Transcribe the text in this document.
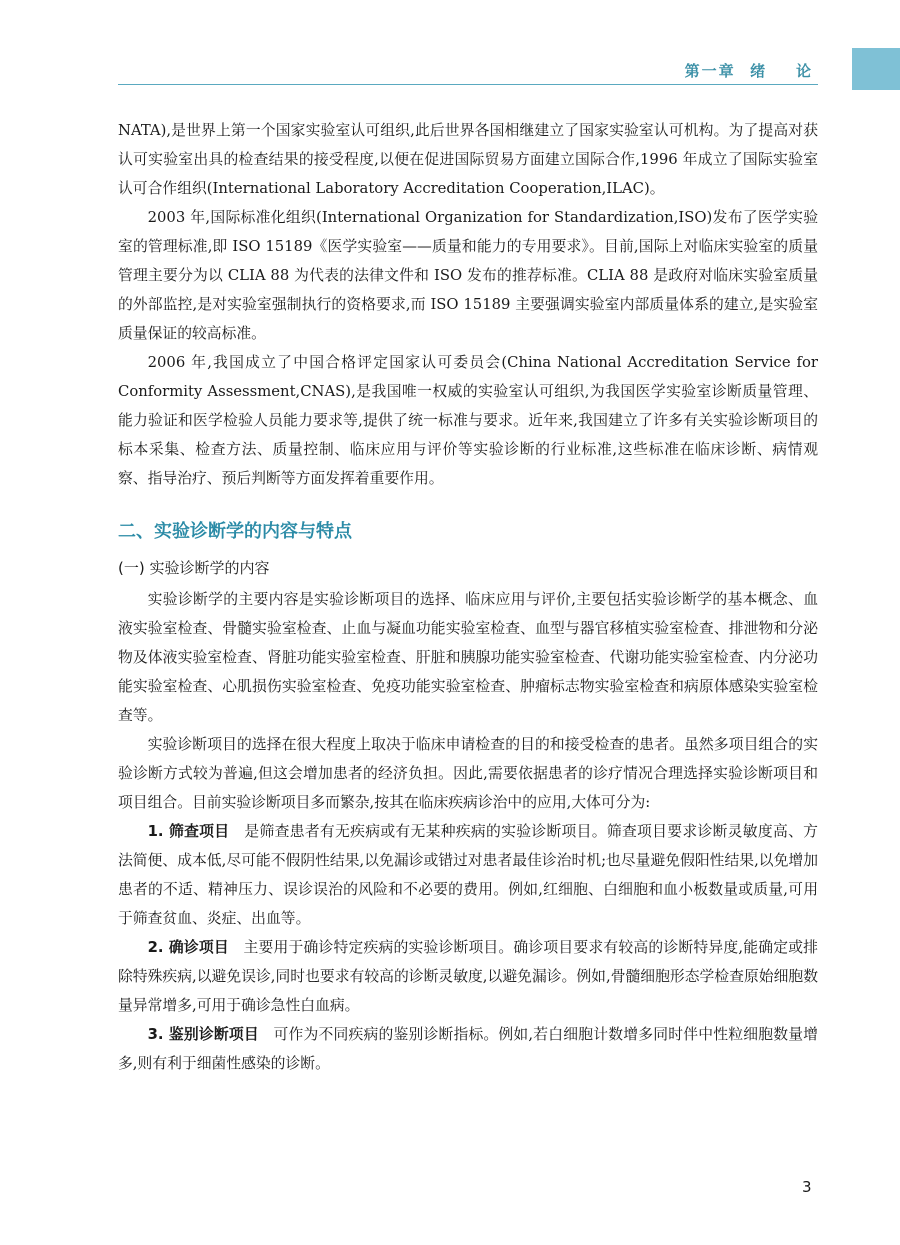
第一章  绪    论

NATA),是世界上第一个国家实验室认可组织,此后世界各国相继建立了国家实验室认可机构。为了提高对获认可实验室出具的检查结果的接受程度,以便在促进国际贸易方面建立国际合作,1996 年成立了国际实验室认可合作组织(International Laboratory Accreditation Cooperation,ILAC)。

2003 年,国际标准化组织(International Organization for Standardization,ISO)发布了医学实验室的管理标准,即 ISO 15189《医学实验室——质量和能力的专用要求》。目前,国际上对临床实验室的质量管理主要分为以 CLIA 88 为代表的法律文件和 ISO 发布的推荐标准。CLIA 88 是政府对临床实验室质量的外部监控,是对实验室强制执行的资格要求,而 ISO 15189 主要强调实验室内部质量体系的建立,是实验室质量保证的较高标准。

2006 年,我国成立了中国合格评定国家认可委员会(China National Accreditation Service for Conformity Assessment,CNAS),是我国唯一权威的实验室认可组织,为我国医学实验室诊断质量管理、能力验证和医学检验人员能力要求等,提供了统一标准与要求。近年来,我国建立了许多有关实验诊断项目的标本采集、检查方法、质量控制、临床应用与评价等实验诊断的行业标准,这些标准在临床诊断、病情观察、指导治疗、预后判断等方面发挥着重要作用。

二、实验诊断学的内容与特点
(一) 实验诊断学的内容

实验诊断学的主要内容是实验诊断项目的选择、临床应用与评价,主要包括实验诊断学的基本概念、血液实验室检查、骨髓实验室检查、止血与凝血功能实验室检查、血型与器官移植实验室检查、排泄物和分泌物及体液实验室检查、肾脏功能实验室检查、肝脏和胰腺功能实验室检查、代谢功能实验室检查、内分泌功能实验室检查、心肌损伤实验室检查、免疫功能实验室检查、肿瘤标志物实验室检查和病原体感染实验室检查等。

实验诊断项目的选择在很大程度上取决于临床申请检查的目的和接受检查的患者。虽然多项目组合的实验诊断方式较为普遍,但这会增加患者的经济负担。因此,需要依据患者的诊疗情况合理选择实验诊断项目和项目组合。目前实验诊断项目多而繁杂,按其在临床疾病诊治中的应用,大体可分为:

1. 筛查项目 是筛查患者有无疾病或有无某种疾病的实验诊断项目。筛查项目要求诊断灵敏度高、方法简便、成本低,尽可能不假阴性结果,以免漏诊或错过对患者最佳诊治时机;也尽量避免假阳性结果,以免增加患者的不适、精神压力、误诊误治的风险和不必要的费用。例如,红细胞、白细胞和血小板数量或质量,可用于筛查贫血、炎症、出血等。

2. 确诊项目 主要用于确诊特定疾病的实验诊断项目。确诊项目要求有较高的诊断特异度,能确定或排除特殊疾病,以避免误诊,同时也要求有较高的诊断灵敏度,以避免漏诊。例如,骨髓细胞形态学检查原始细胞数量异常增多,可用于确诊急性白血病。

3. 鉴别诊断项目 可作为不同疾病的鉴别诊断指标。例如,若白细胞计数增多同时伴中性粒细胞数量增多,则有利于细菌性感染的诊断。

3
